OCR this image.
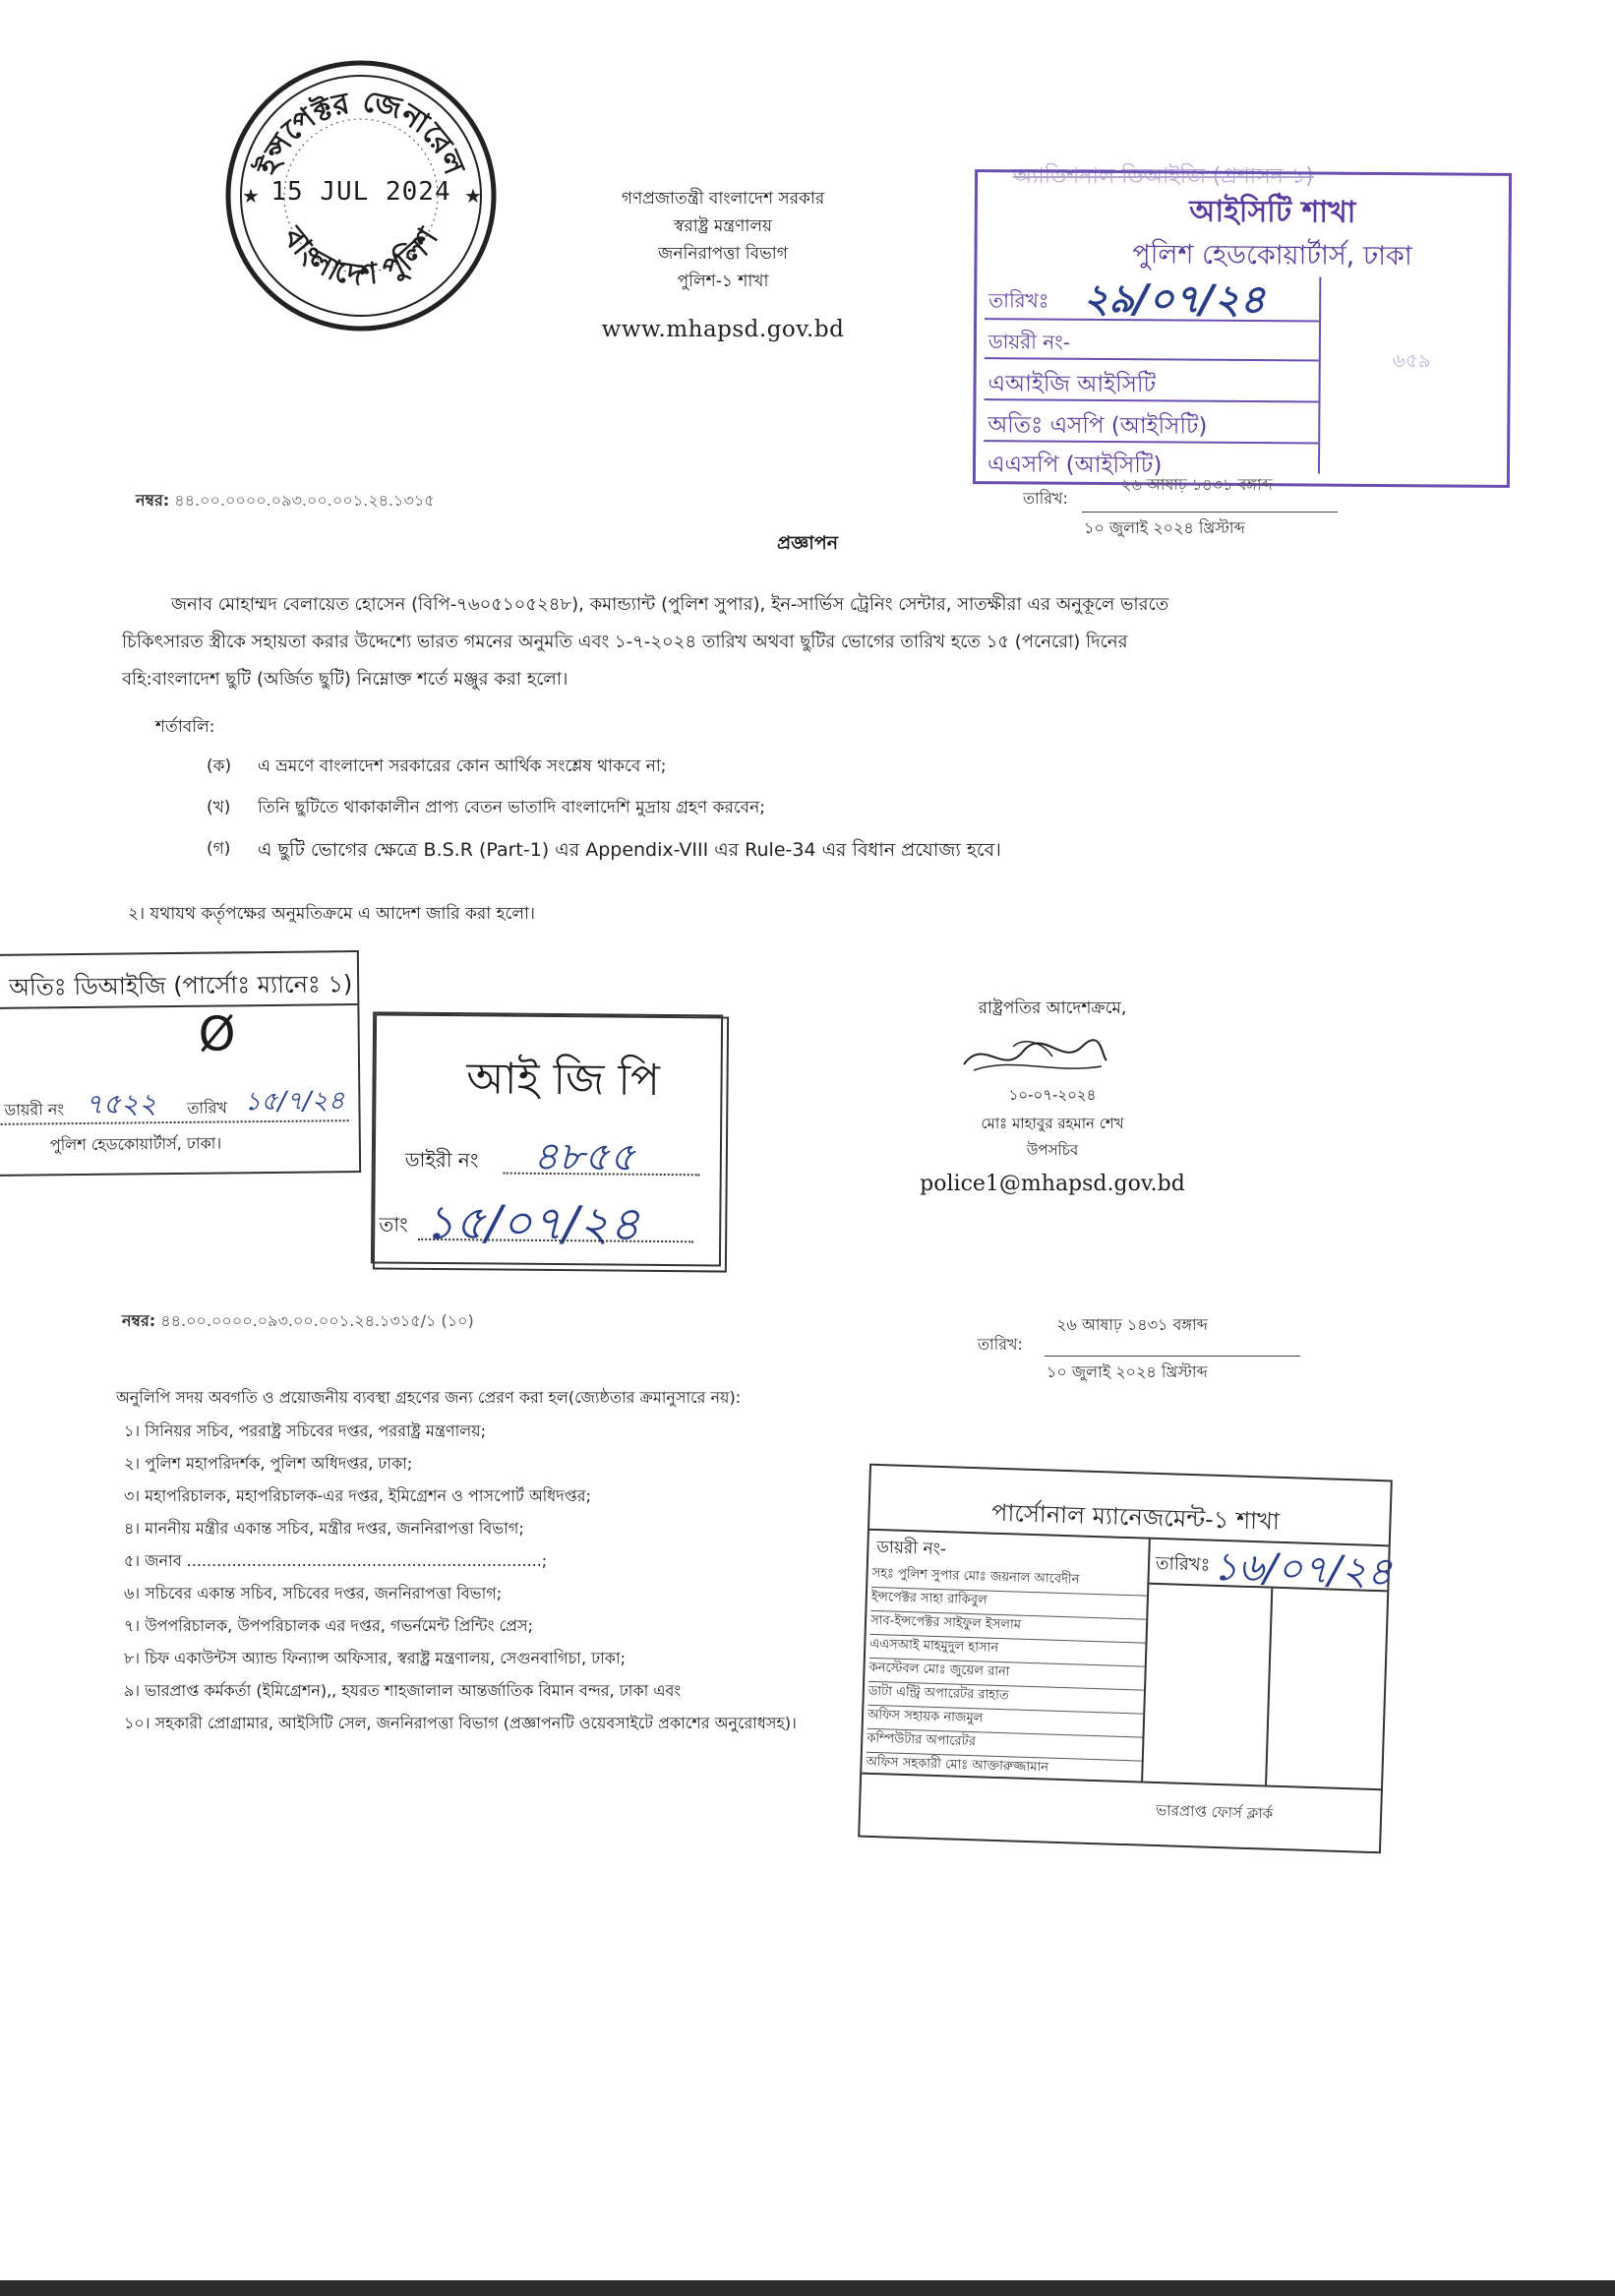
ইন্সপেক্টর জেনারেল
বাংলাদেশ পুলিশ
★	★
15 JUL 2024	গণপ্রজাতন্ত্রী বাংলাদেশ সরকার
স্বরাষ্ট্র মন্ত্রণালয়
জননিরাপত্তা বিভাগ
পুলিশ-১ শাখা
www.mhapsd.gov.bd
অ্যাডিশনাল ডিআইজি (প্রশাসন-১)
আইসিটি শাখা
পুলিশ হেডকোয়ার্টার্স, ঢাকা
তারিখঃ ২৯/০৭/২৪
ডায়রী নং-
এআইজি আইসিটি
অতিঃ এসপি (আইসিটি)
এএসপি (আইসিটি)
৬৫৯
নম্বর: ৪৪.০০.০০০০.০৯৩.০০.০০১.২৪.১৩১৫
২৬ আষাঢ় ১৪৩১ বঙ্গাব্দ
তারিখ:
১০ জুলাই ২০২৪ খ্রিস্টাব্দ
প্রজ্ঞাপন
জনাব মোহাম্মদ বেলায়েত হোসেন (বিপি-৭৬০৫১০৫২৪৮), কমান্ড্যান্ট (পুলিশ সুপার), ইন-সার্ভিস ট্রেনিং সেন্টার, সাতক্ষীরা এর অনুকূলে ভারতে
চিকিৎসারত স্ত্রীকে সহায়তা করার উদ্দেশ্যে ভারত গমনের অনুমতি এবং ১-৭-২০২৪ তারিখ অথবা ছুটির ভোগের তারিখ হতে ১৫ (পনেরো) দিনের
বহি:বাংলাদেশ ছুটি (অর্জিত ছুটি) নিম্নোক্ত শর্তে মঞ্জুর করা হলো।
শর্তাবলি:
(ক) এ ভ্রমণে বাংলাদেশ সরকারের কোন আর্থিক সংশ্লেষ থাকবে না;
(খ) তিনি ছুটিতে থাকাকালীন প্রাপ্য বেতন ভাতাদি বাংলাদেশি মুদ্রায় গ্রহণ করবেন;
(গ) এ ছুটি ভোগের ক্ষেত্রে B.S.R (Part-1) এর Appendix-VIII এর Rule-34 এর বিধান প্রযোজ্য হবে।
২। যথাযথ কর্তৃপক্ষের অনুমতিক্রমে এ আদেশ জারি করা হলো।
অতিঃ ডিআইজি (পার্সোঃ ম্যানেঃ ১)
Ø
ডায়রী নং ৭৫২২ তারিখ ১৫/৭/২৪
পুলিশ হেডকোয়ার্টার্স, ঢাকা।
আই জি পি
ডাইরী নং ৪৮৫৫
তাং ১৫/০৭/২৪
রাষ্ট্রপতির আদেশক্রমে,
১০-০৭-২০২৪
মোঃ মাহাবুর রহমান শেখ
উপসচিব
police1@mhapsd.gov.bd
নম্বর: ৪৪.০০.০০০০.০৯৩.০০.০০১.২৪.১৩১৫/১ (১০)	২৬ আষাঢ় ১৪৩১ বঙ্গাব্দ
তারিখ:
১০ জুলাই ২০২৪ খ্রিস্টাব্দ
অনুলিপি সদয় অবগতি ও প্রয়োজনীয় ব্যবস্থা গ্রহণের জন্য প্রেরণ করা হল(জ্যেষ্ঠতার ক্রমানুসারে নয়):
১। সিনিয়র সচিব, পররাষ্ট্র সচিবের দপ্তর, পররাষ্ট্র মন্ত্রণালয়;
২। পুলিশ মহাপরিদর্শক, পুলিশ অধিদপ্তর, ঢাকা;
৩। মহাপরিচালক, মহাপরিচালক-এর দপ্তর, ইমিগ্রেশন ও পাসপোর্ট অধিদপ্তর;
৪। মাননীয় মন্ত্রীর একান্ত সচিব, মন্ত্রীর দপ্তর, জননিরাপত্তা বিভাগ;
৫। জনাব .......................................................................;
৬। সচিবের একান্ত সচিব, সচিবের দপ্তর, জননিরাপত্তা বিভাগ;
৭। উপপরিচালক, উপপরিচালক এর দপ্তর, গভর্নমেন্ট প্রিন্টিং প্রেস;
৮। চিফ একাউন্টস অ্যান্ড ফিন্যান্স অফিসার, স্বরাষ্ট্র মন্ত্রণালয়, সেগুনবাগিচা, ঢাকা;
৯। ভারপ্রাপ্ত কর্মকর্তা (ইমিগ্রেশন),, হযরত শাহজালাল আন্তর্জাতিক বিমান বন্দর, ঢাকা এবং
১০। সহকারী প্রোগ্রামার, আইসিটি সেল, জননিরাপত্তা বিভাগ (প্রজ্ঞাপনটি ওয়েবসাইটে প্রকাশের অনুরোধসহ)।
পার্সোনাল ম্যানেজমেন্ট-১ শাখা
ডায়রী নং-
তারিখঃ ১৬/০৭/২৪
সহঃ পুলিশ সুপার মোঃ জয়নাল আবেদীন
ইন্সপেক্টর সাহা রাকিবুল
সাব-ইন্সপেক্টর সাইফুল ইসলাম
এএসআই মাহমুদুল হাসান
কনস্টেবল মোঃ জুয়েল রানা
ডাটা এন্ট্রি অপারেটর রাহাত
অফিস সহায়ক নাজমুল
কম্পিউটার অপারেটর
অফিস সহকারী মোঃ আক্তারুজ্জামান
ভারপ্রাপ্ত ফোর্স ক্লার্ক
